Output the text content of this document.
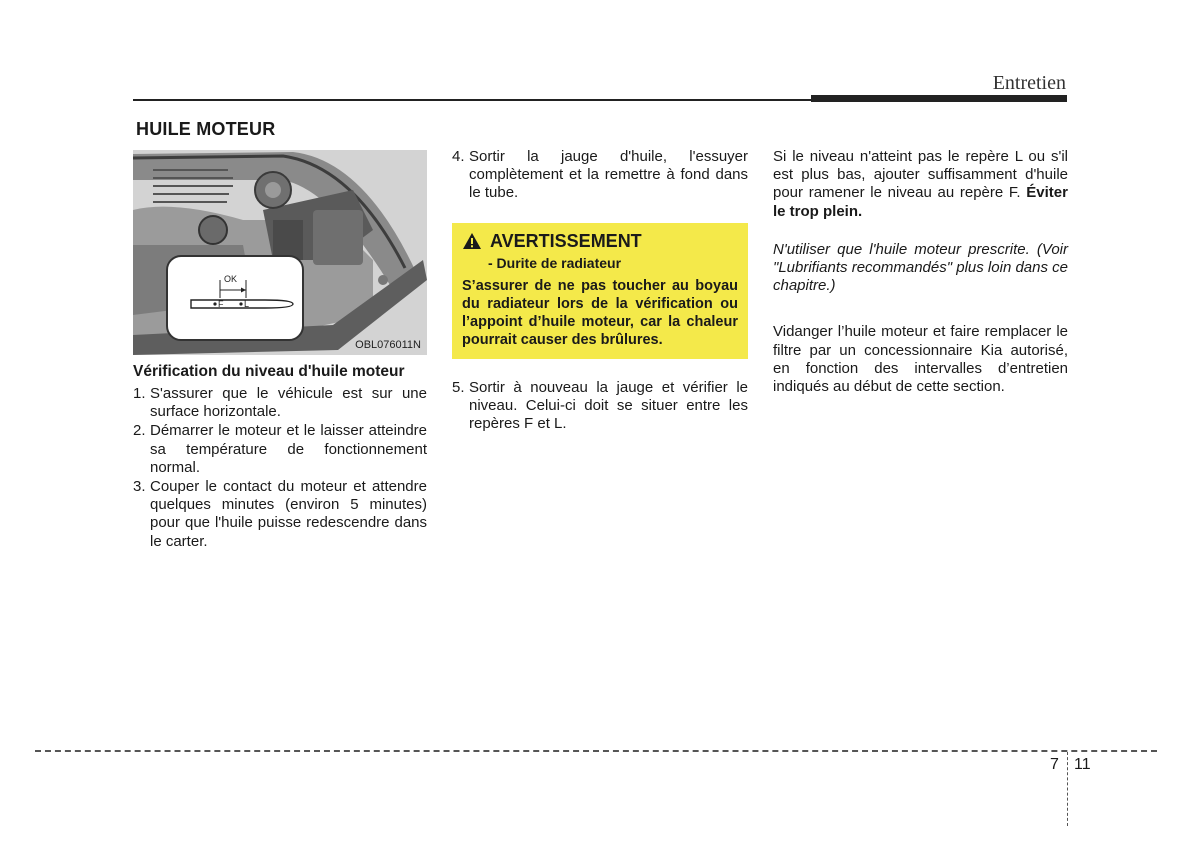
Entretien
HUILE MOTEUR
OK
F L
OBL076011N
Vérification du niveau d'huile moteur
1. S'assurer que le véhicule est sur une surface horizontale.
2. Démarrer le moteur et le laisser atteindre sa température de fonctionnement normal.
3. Couper le contact du moteur et attendre quelques minutes (environ 5 minutes) pour que l'huile puisse redescendre dans le carter.
4. Sortir la jauge d'huile, l'essuyer complètement et la remettre à fond dans le tube.
AVERTISSEMENT
- Durite de radiateur
S’assurer de ne pas toucher au boyau du radiateur lors de la vérification ou l’appoint d’huile moteur, car la chaleur pourrait causer des brûlures.
5. Sortir à nouveau la jauge et vérifier le niveau. Celui-ci doit se situer entre les repères F et L.

Si le niveau n'atteint pas le repère L ou s'il est plus bas, ajouter suffisamment d'huile pour ramener le niveau au repère F. Éviter le trop plein.

N'utiliser que l'huile moteur prescrite. (Voir "Lubrifiants recommandés" plus loin dans ce chapitre.)

Vidanger l’huile moteur et faire remplacer le filtre par un concessionnaire Kia autorisé, en fonction des intervalles d’entretien indiqués au début de cette section.

7 11
